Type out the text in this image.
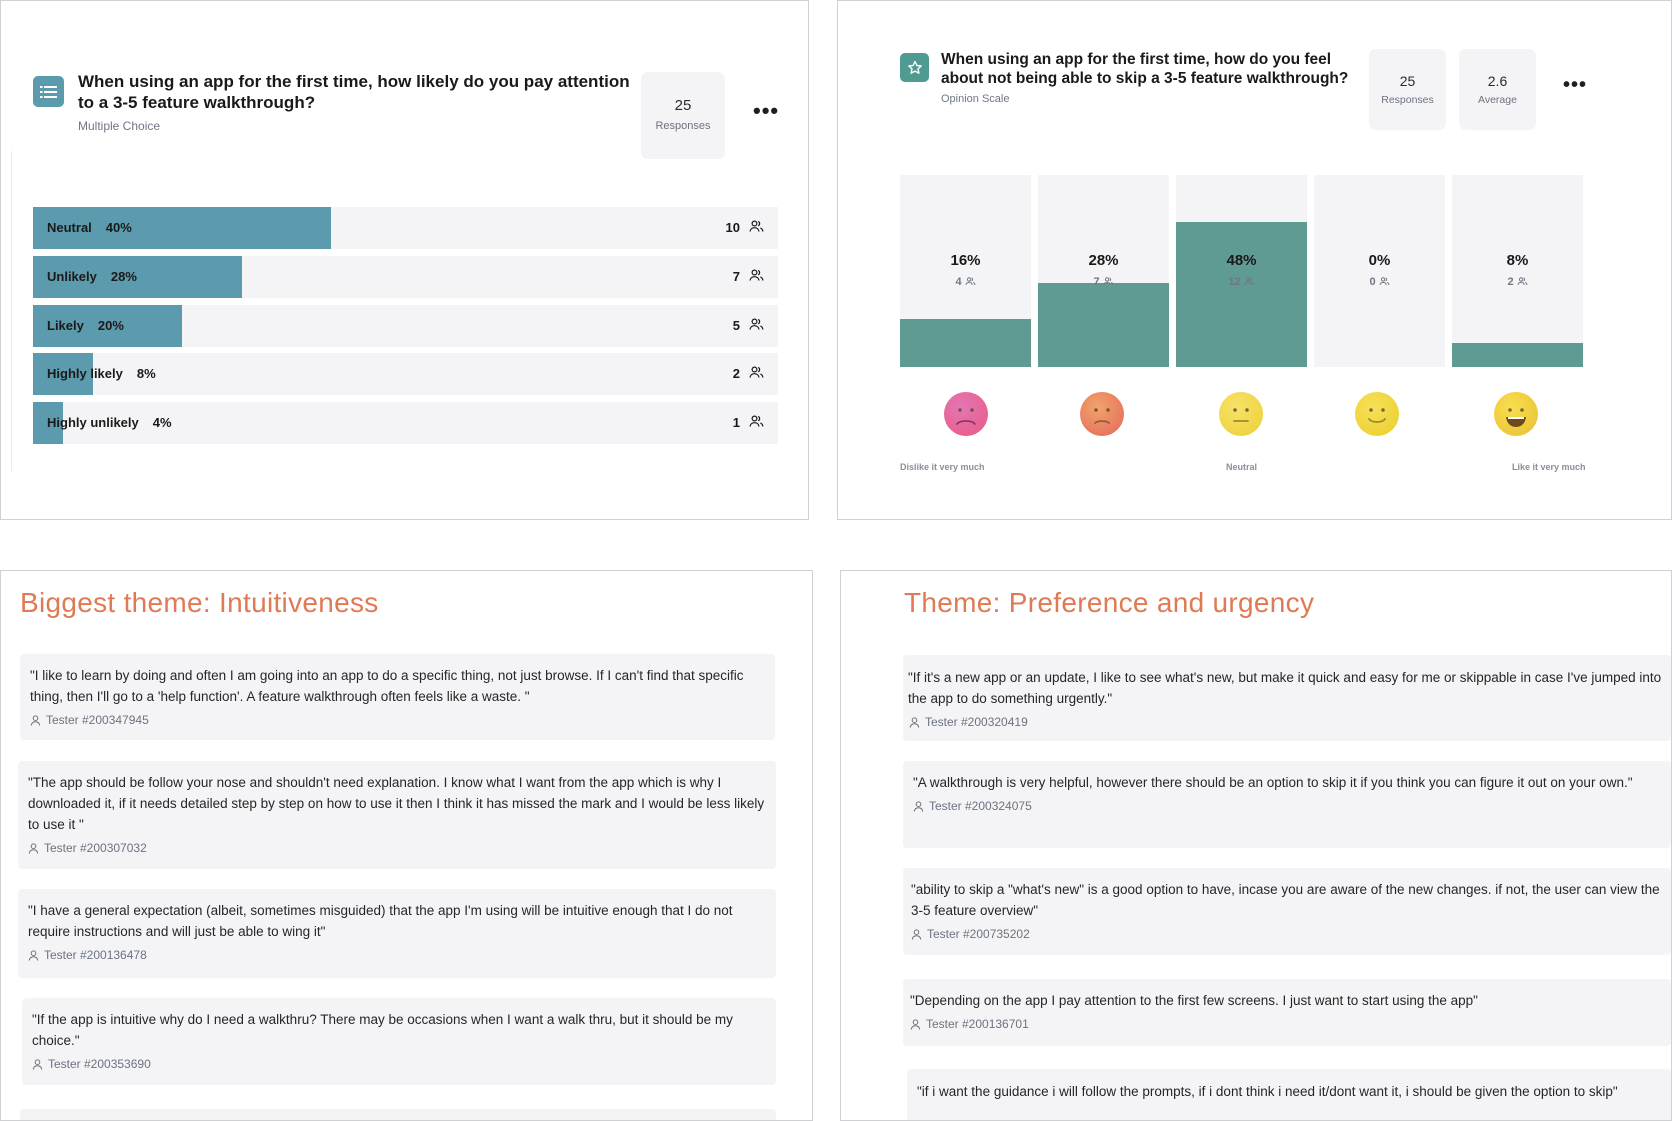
When using an app for the first time, how likely do you pay attention to a 3-5 feature walkthrough?
Multiple Choice
25
Responses
•••
Neutral 40%	10
Unlikely 28%	7
Likely 20%	5
Highly likely 8%	2
Highly unlikely 4%	1
When using an app for the first time, how do you feel about not being able to skip a 3-5 feature walkthrough?
Opinion Scale
25
Responses
2.6
Average
•••
16%
4
28%
7
48%
12
0%
0
8%
2
Dislike it very much	Neutral	Like it very much
Biggest theme: Intuitiveness
"I like to learn by doing and often I am going into an app to do a specific thing, not just browse. If I can't find that specific thing, then I'll go to a 'help function'. A feature walkthrough often feels like a waste. "
Tester #200347945
"The app should be follow your nose and shouldn't need explanation. I know what I want from the app which is why I downloaded it, if it needs detailed step by step on how to use it then I think it has missed the mark and I would be less likely to use it "
Tester #200307032
"I have a general expectation (albeit, sometimes misguided) that the app I'm using will be intuitive enough that I do not require instructions and will just be able to wing it"
Tester #200136478
"If the app is intuitive why do I need a walkthru? There may be occasions when I want a walk thru, but it should be my choice."
Tester #200353690
Theme: Preference and urgency
"If it's a new app or an update, I like to see what's new, but make it quick and easy for me or skippable in case I've jumped into the app to do something urgently."
Tester #200320419
"A walkthrough is very helpful, however there should be an option to skip it if you think you can figure it out on your own."
Tester #200324075
"ability to skip a "what's new" is a good option to have, incase you are aware of the new changes. if not, the user can view the 3-5 feature overview"
Tester #200735202
"Depending on the app I pay attention to the first few screens. I just want to start using the app"
Tester #200136701
"if i want the guidance i will follow the prompts, if i dont think i need it/dont want it, i should be given the option to skip"
